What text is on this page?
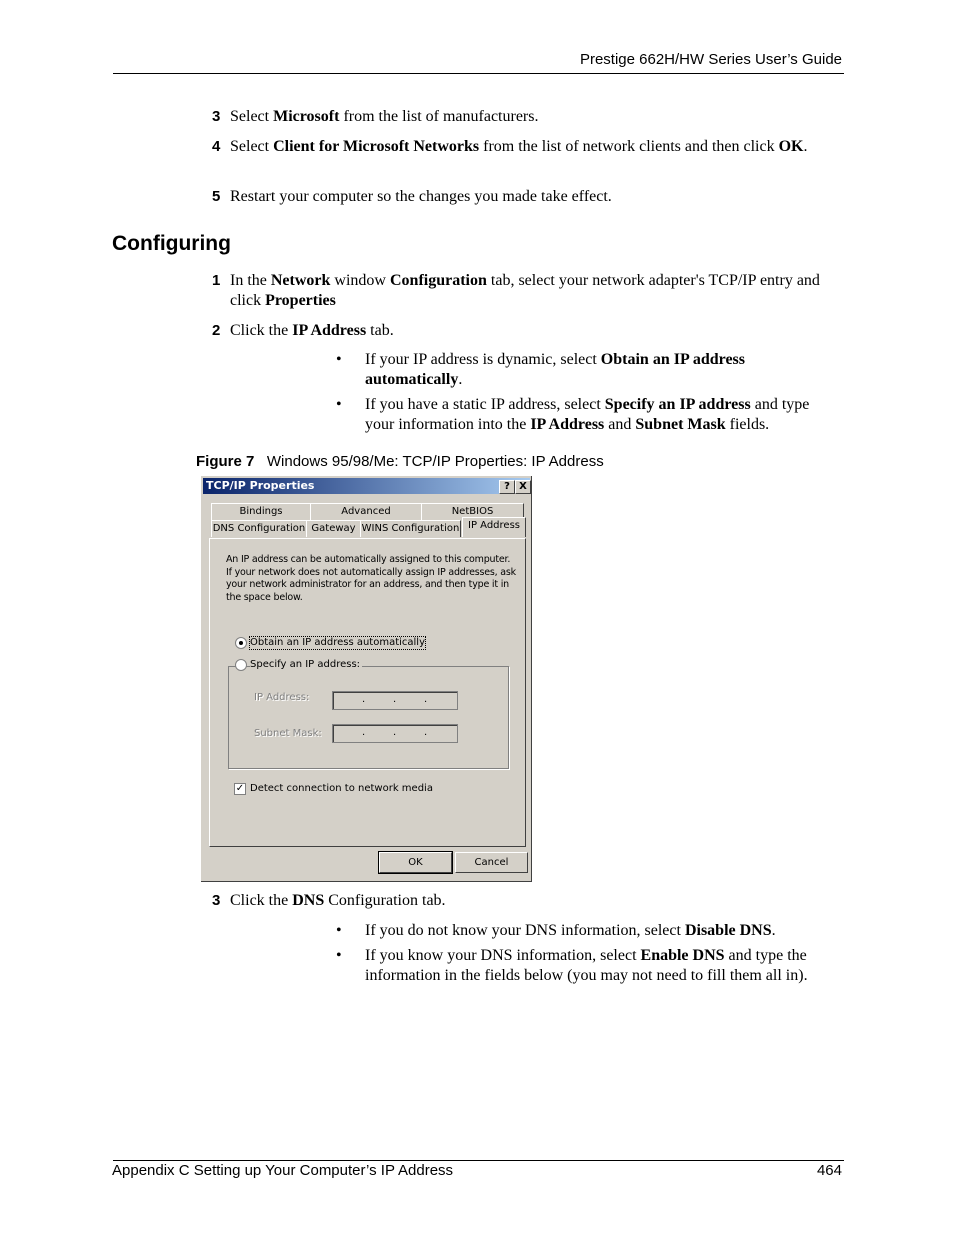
Prestige 662H/HW Series User’s Guide
3 Select Microsoft from the list of manufacturers.
4 Select Client for Microsoft Networks from the list of network clients and then click OK.
5 Restart your computer so the changes you made take effect.
Configuring
1 In the Network window Configuration tab, select your network adapter's TCP/IP entry and click Properties
2 Click the IP Address tab.
• If your IP address is dynamic, select Obtain an IP address automatically.
• If you have a static IP address, select Specify an IP address and type your information into the IP Address and Subnet Mask fields.
Figure 7 Windows 95/98/Me: TCP/IP Properties: IP Address
TCP/IP Properties	? X
Bindings	Advanced	NetBIOS
DNS Configuration Gateway WINS Configuration IP Address
An IP address can be automatically assigned to this computer. If your network does not automatically assign IP addresses, ask your network administrator for an address, and then type it in the space below.
Obtain an IP address automatically
Specify an IP address:
IP Address:	.	.	.
Subnet Mask:	.	.	.
✓ Detect connection to network media
OK	Cancel
3 Click the DNS Configuration tab.
• If you do not know your DNS information, select Disable DNS.
• If you know your DNS information, select Enable DNS and type the information in the fields below (you may not need to fill them all in).
Appendix C Setting up Your Computer’s IP Address	464
